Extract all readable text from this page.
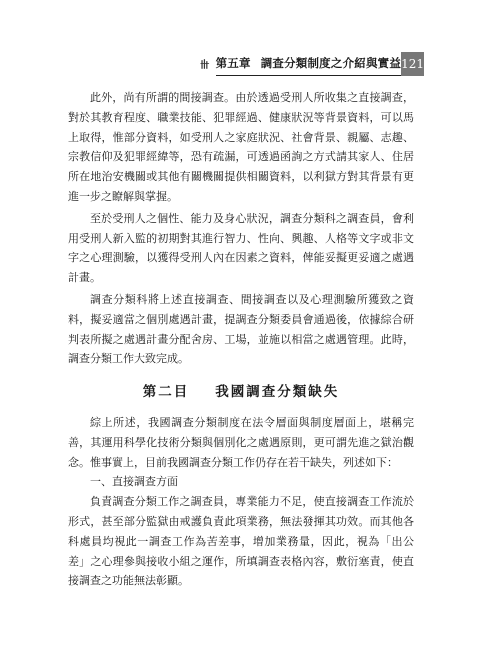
第五章 調查分類制度之介紹與實益 121

此外，尚有所謂的間接調查。由於透過受刑人所收集之直接調查，對於其教育程度、職業技能、犯罪經過、健康狀況等背景資料，可以馬上取得，惟部分資料，如受刑人之家庭狀況、社會背景、親屬、志趣、宗教信仰及犯罪經緯等，恐有疏漏，可透過函詢之方式請其家人、住居所在地治安機關或其他有關機關提供相關資料，以利獄方對其背景有更進一步之瞭解與掌握。

至於受刑人之個性、能力及身心狀況，調查分類科之調查員，會利用受刑人新入監的初期對其進行智力、性向、興趣、人格等文字或非文字之心理測驗，以獲得受刑人內在因素之資料，俾能妥擬更妥適之處遇計畫。

調查分類科將上述直接調查、間接調查以及心理測驗所獲致之資料，擬妥適當之個別處遇計畫，提調查分類委員會通過後，依據綜合研判表所擬之處遇計畫分配舍房、工場，並施以相當之處遇管理。此時，調查分類工作大致完成。

第二目 我國調查分類缺失

綜上所述，我國調查分類制度在法令層面與制度層面上，堪稱完善，其運用科學化技術分類與個別化之處遇原則，更可謂先進之獄治觀念。惟事實上，目前我國調查分類工作仍存在若干缺失，列述如下：

一、直接調查方面

負責調查分類工作之調查員，專業能力不足，使直接調查工作流於形式，甚至部分監獄由戒護負責此項業務，無法發揮其功效。而其他各科處員均視此一調查工作為苦差事，增加業務量，因此，視為「出公差」之心理參與接收小組之運作，所填調查表格內容，敷衍塞責，使直接調查之功能無法彰顯。
